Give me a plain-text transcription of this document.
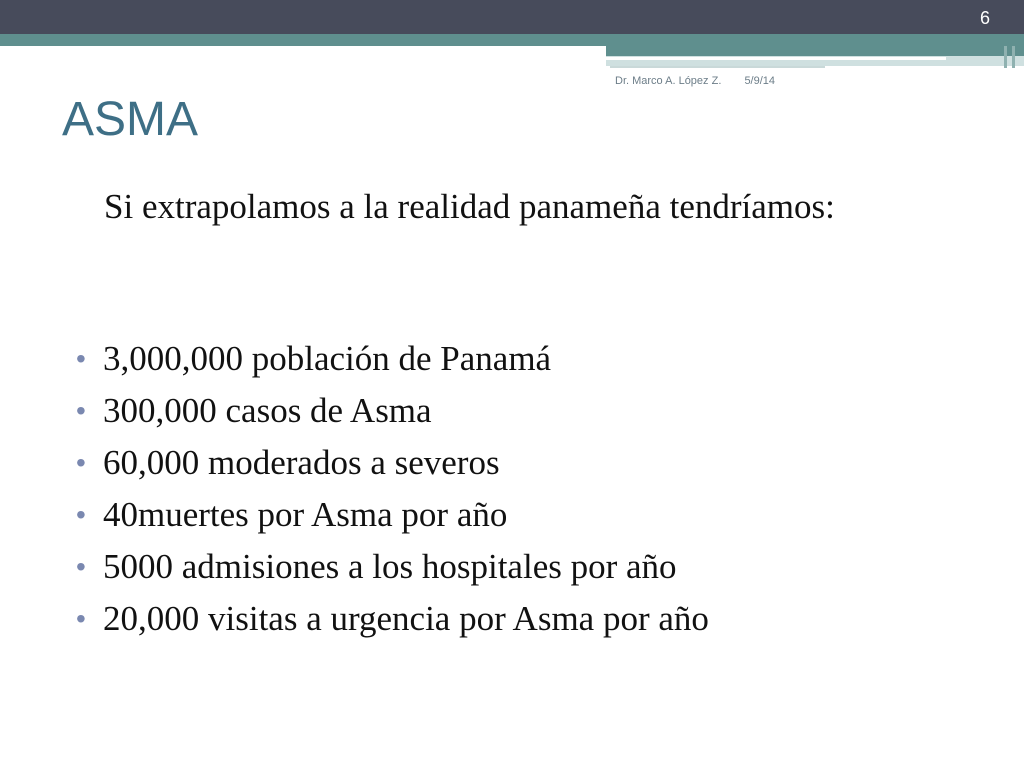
6
Dr. Marco A. López Z. 5/9/14
ASMA
Si extrapolamos a la realidad panameña tendríamos:
• 3,000,000 población de Panamá
• 300,000 casos de Asma
• 60,000 moderados a severos
• 40muertes por Asma por año
• 5000 admisiones a los hospitales por año
• 20,000 visitas a urgencia por Asma por año
